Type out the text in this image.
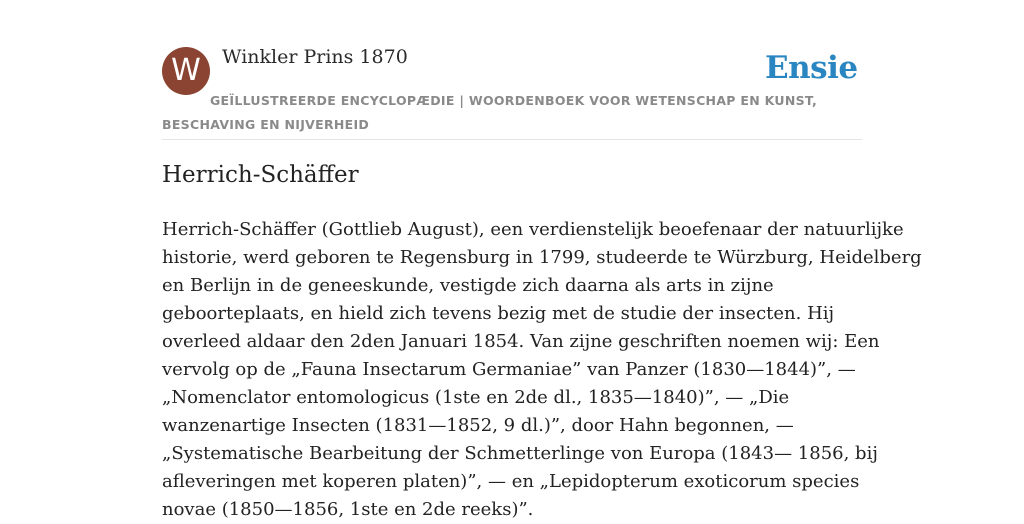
W	Winkler Prins 1870	Ensie

GEÏLLUSTREERDE ENCYCLOPÆDIE | WOORDENBOEK VOOR WETENSCHAP EN KUNST, BESCHAVING EN NIJVERHEID

Herrich-Schäffer

Herrich-Schäffer (Gottlieb August), een verdienstelijk beoefenaar der natuurlijke
historie, werd geboren te Regensburg in 1799, studeerde te Würzburg, Heidelberg
en Berlijn in de geneeskunde, vestigde zich daarna als arts in zijne
geboorteplaats, en hield zich tevens bezig met de studie der insecten. Hij
overleed aldaar den 2den Januari 1854. Van zijne geschriften noemen wij: Een
vervolg op de „Fauna Insectarum Germaniae” van Panzer (1830—1844)”, —
„Nomenclator entomologicus (1ste en 2de dl., 1835—1840)”, — „Die
wanzenartige Insecten (1831—1852, 9 dl.)”, door Hahn begonnen, —
„Systematische Bearbeitung der Schmetterlinge von Europa (1843— 1856, bij
afleveringen met koperen platen)”, — en „Lepidopterum exoticorum species
novae (1850—1856, 1ste en 2de reeks)”.
